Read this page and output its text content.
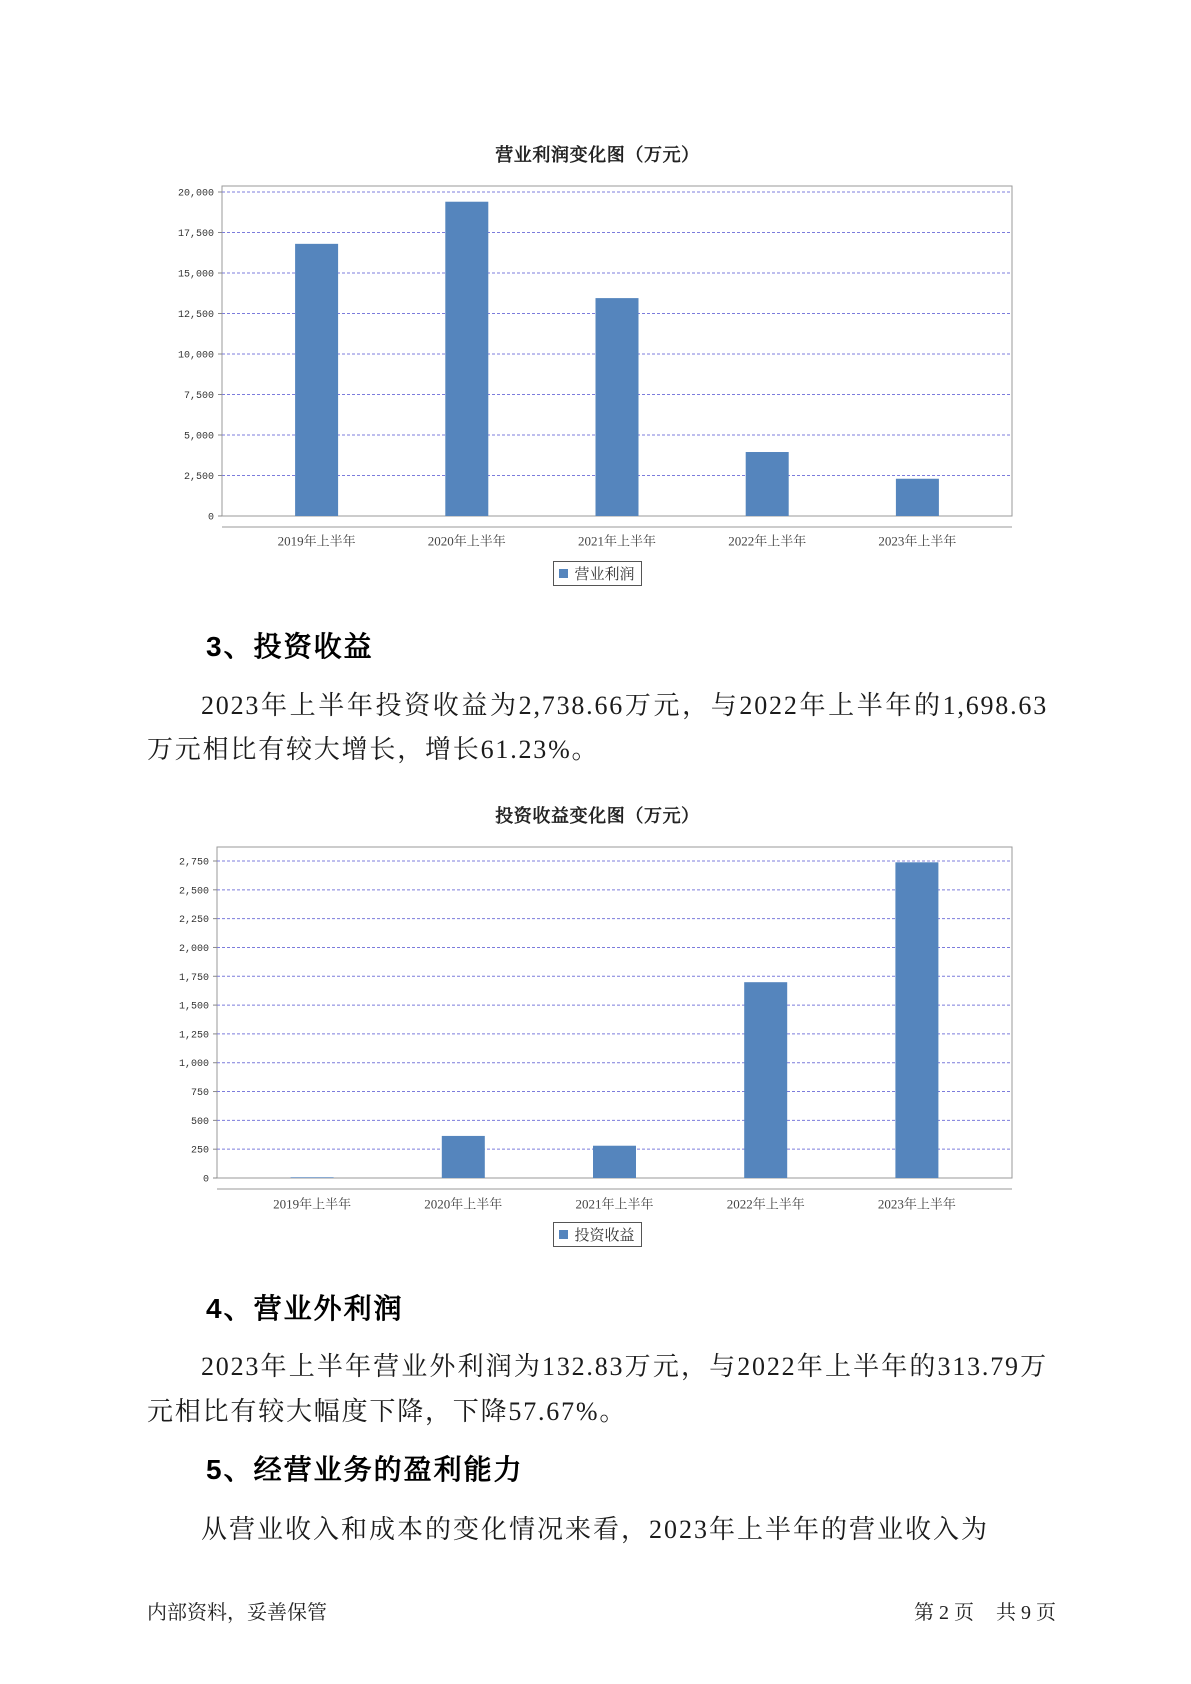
营业利润变化图（万元）
0
2,500
5,000
7,500
10,000
12,500
15,000
17,500
20,000
2019年上半年	2020年上半年	2021年上半年	2022年上半年	2023年上半年
营业利润
3、投资收益
2023年上半年投资收益为2,738.66万元，与2022年上半年的1,698.63
万元相比有较大增长，增长61.23%。
投资收益变化图（万元）
0
250
500
750
1,000
1,250
1,500
1,750
2,000
2,250
2,500
2,750
2019年上半年	2020年上半年	2021年上半年	2022年上半年	2023年上半年
投资收益
4、营业外利润
2023年上半年营业外利润为132.83万元，与2022年上半年的313.79万
元相比有较大幅度下降，下降57.67%。
5、经营业务的盈利能力
从营业收入和成本的变化情况来看，2023年上半年的营业收入为
内部资料，妥善保管	第 2 页 共 9 页
